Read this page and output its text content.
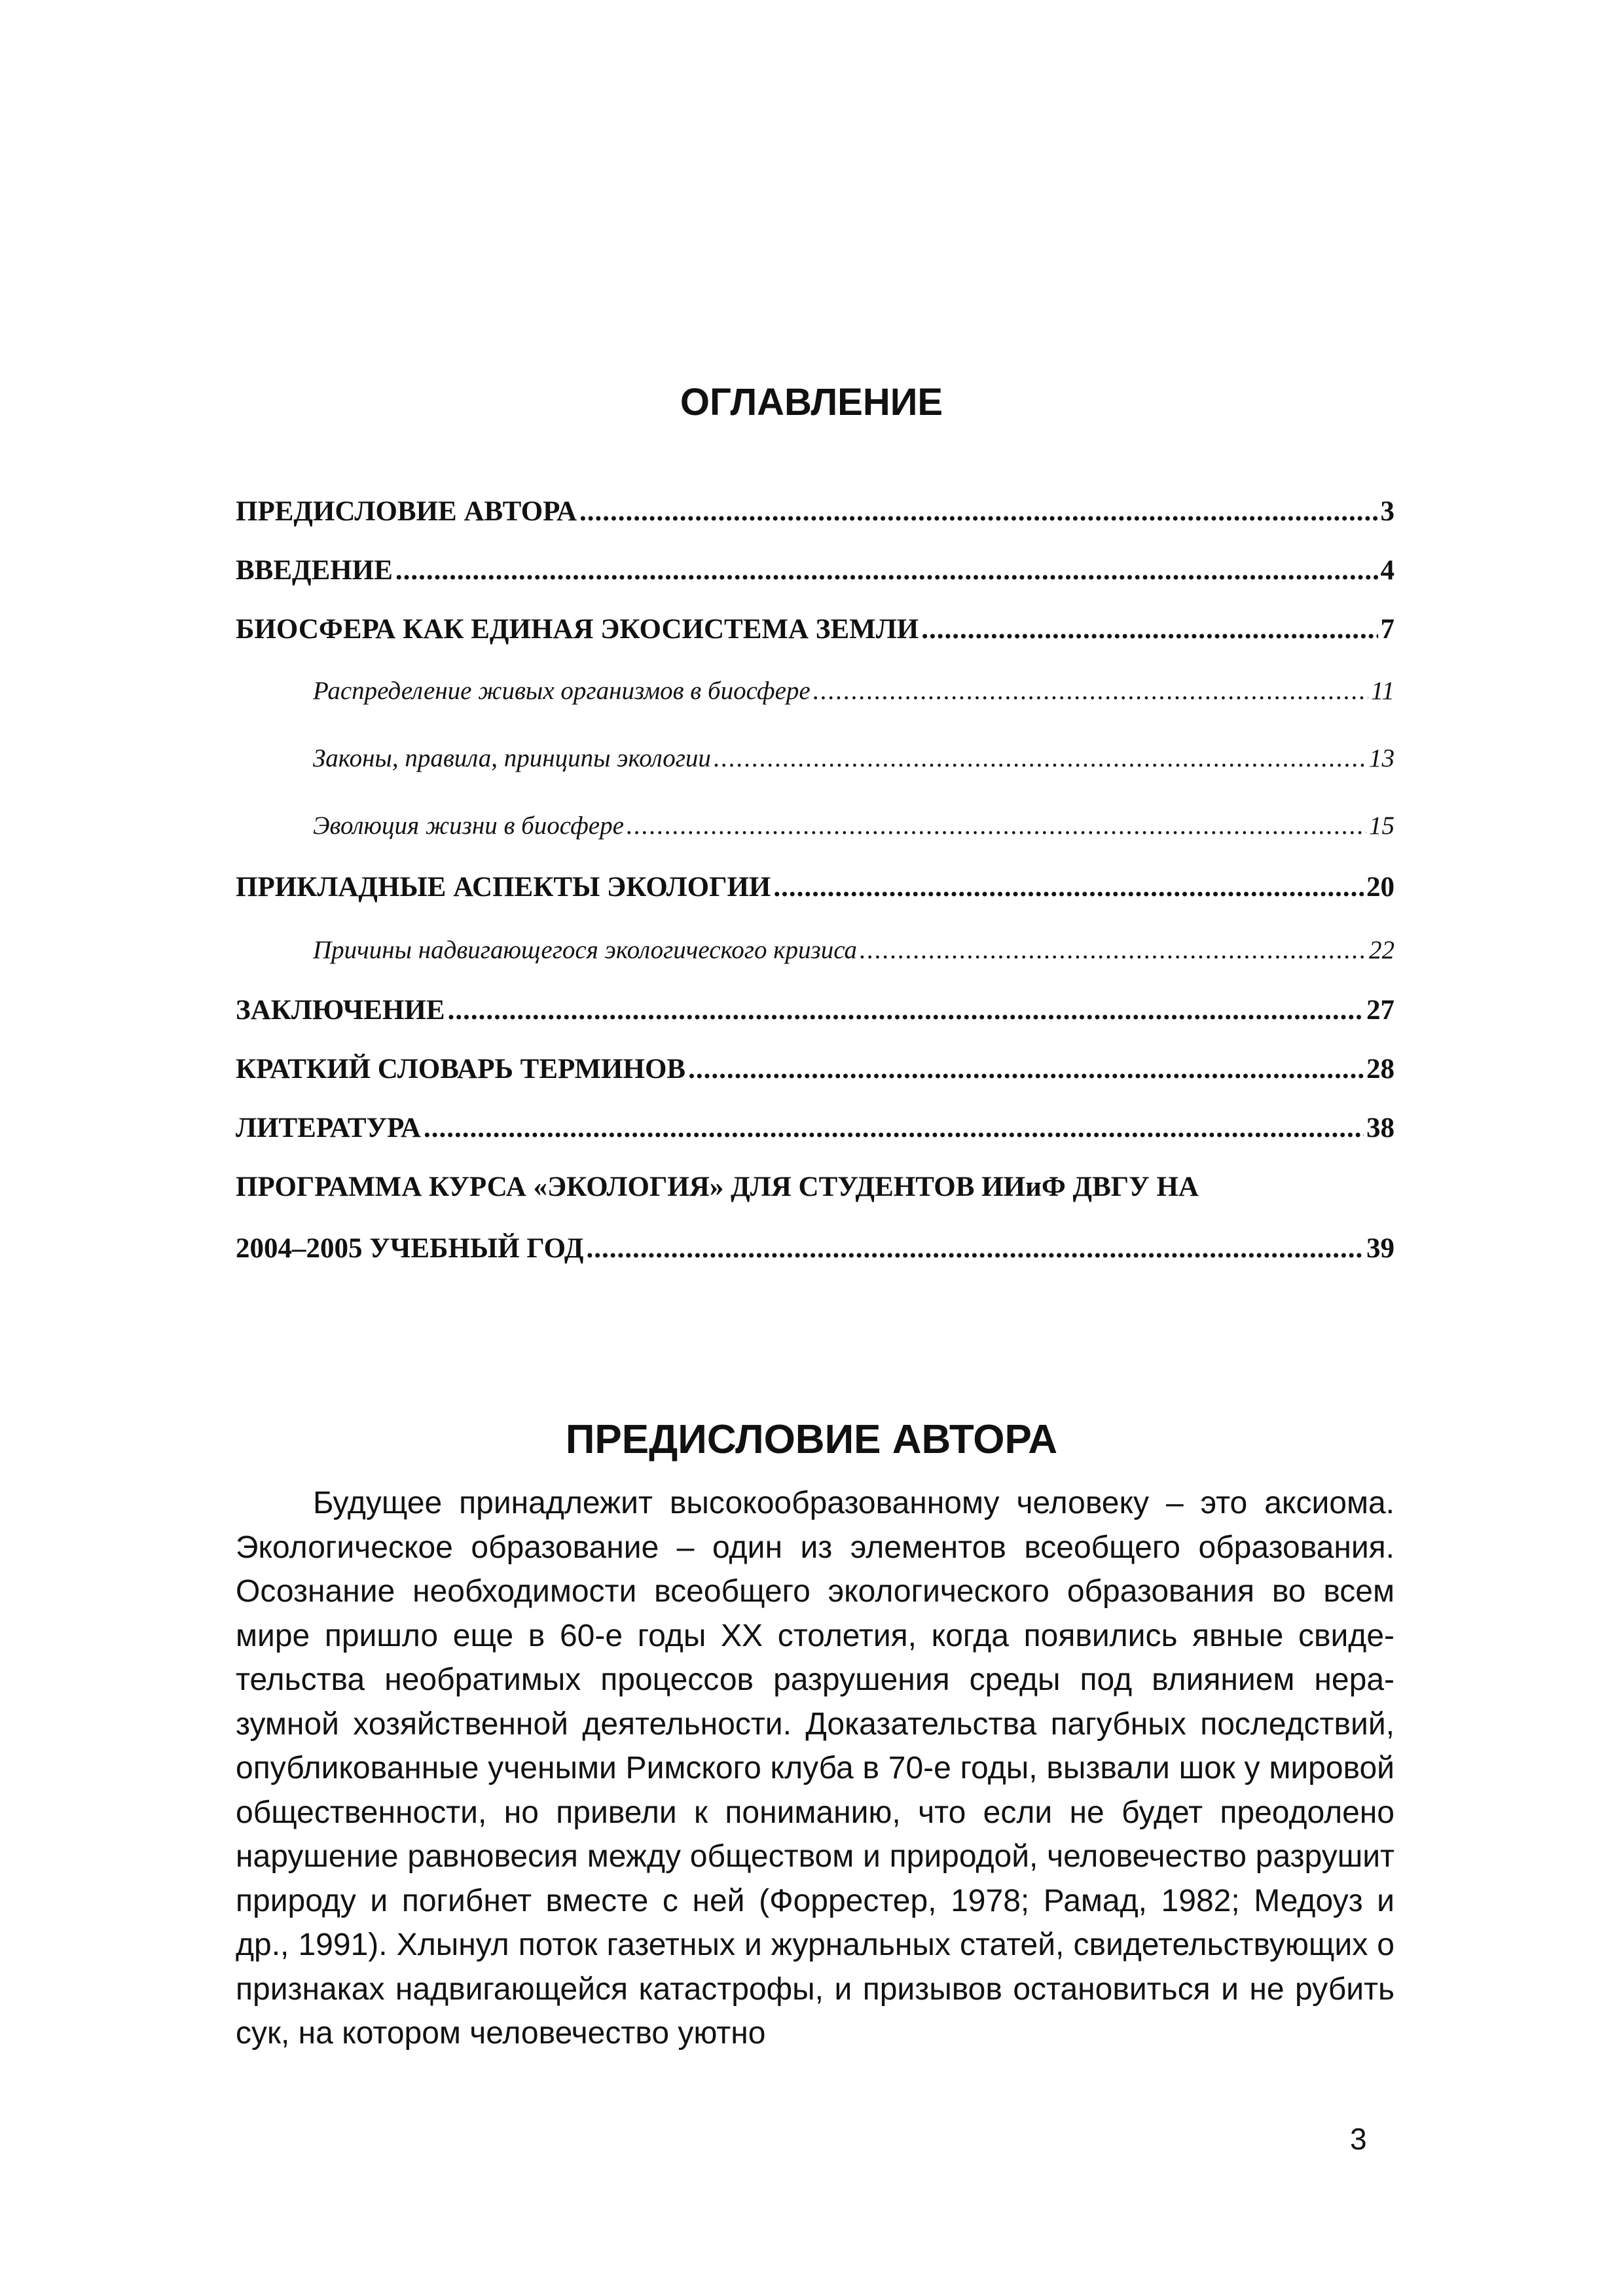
ОГЛАВЛЕНИЕ
ПРЕДИСЛОВИЕ АВТОРА .....	3
ВВЕДЕНИЕ .....	4
БИОСФЕРА КАК ЕДИНАЯ ЭКОСИСТЕМА ЗЕМЛИ .....	7
Распределение живых организмов в биосфере .....	11
Законы, правила, принципы экологии .....	13
Эволюция жизни в биосфере .....	15
ПРИКЛАДНЫЕ АСПЕКТЫ ЭКОЛОГИИ .....	20
Причины надвигающегося экологического кризиса .....	22
ЗАКЛЮЧЕНИЕ .....	27
КРАТКИЙ СЛОВАРЬ ТЕРМИНОВ .....	28
ЛИТЕРАТУРА .....	38
ПРОГРАММА КУРСА «ЭКОЛОГИЯ» ДЛЯ СТУДЕНТОВ ИИиФ ДВГУ НА
2004–2005 УЧЕБНЫЙ ГОД .....	39
ПРЕДИСЛОВИЕ АВТОРА

Будущее принадлежит высокообразованному человеку – это аксиома. Экологическое образование – один из элементов всеобщего образования. Осознание необходимости всеобщего экологического образования во всем мире пришло еще в 60-е годы XX столетия, когда появились явные свидетельства необратимых процессов разрушения среды под влиянием неразумной хозяйственной деятельности. Доказательства пагубных последствий, опубликованные учеными Римского клуба в 70-е годы, вызвали шок у мировой общественности, но привели к пониманию, что если не будет преодолено нарушение равновесия между обществом и природой, человечество разрушит природу и погибнет вместе с ней (Форрестер, 1978; Рамад, 1982; Медоуз и др., 1991). Хлынул поток газетных и журнальных статей, свидетельствующих о признаках надвигающейся катастрофы, и призывов остановиться и не рубить сук, на котором человечество уютно

3
